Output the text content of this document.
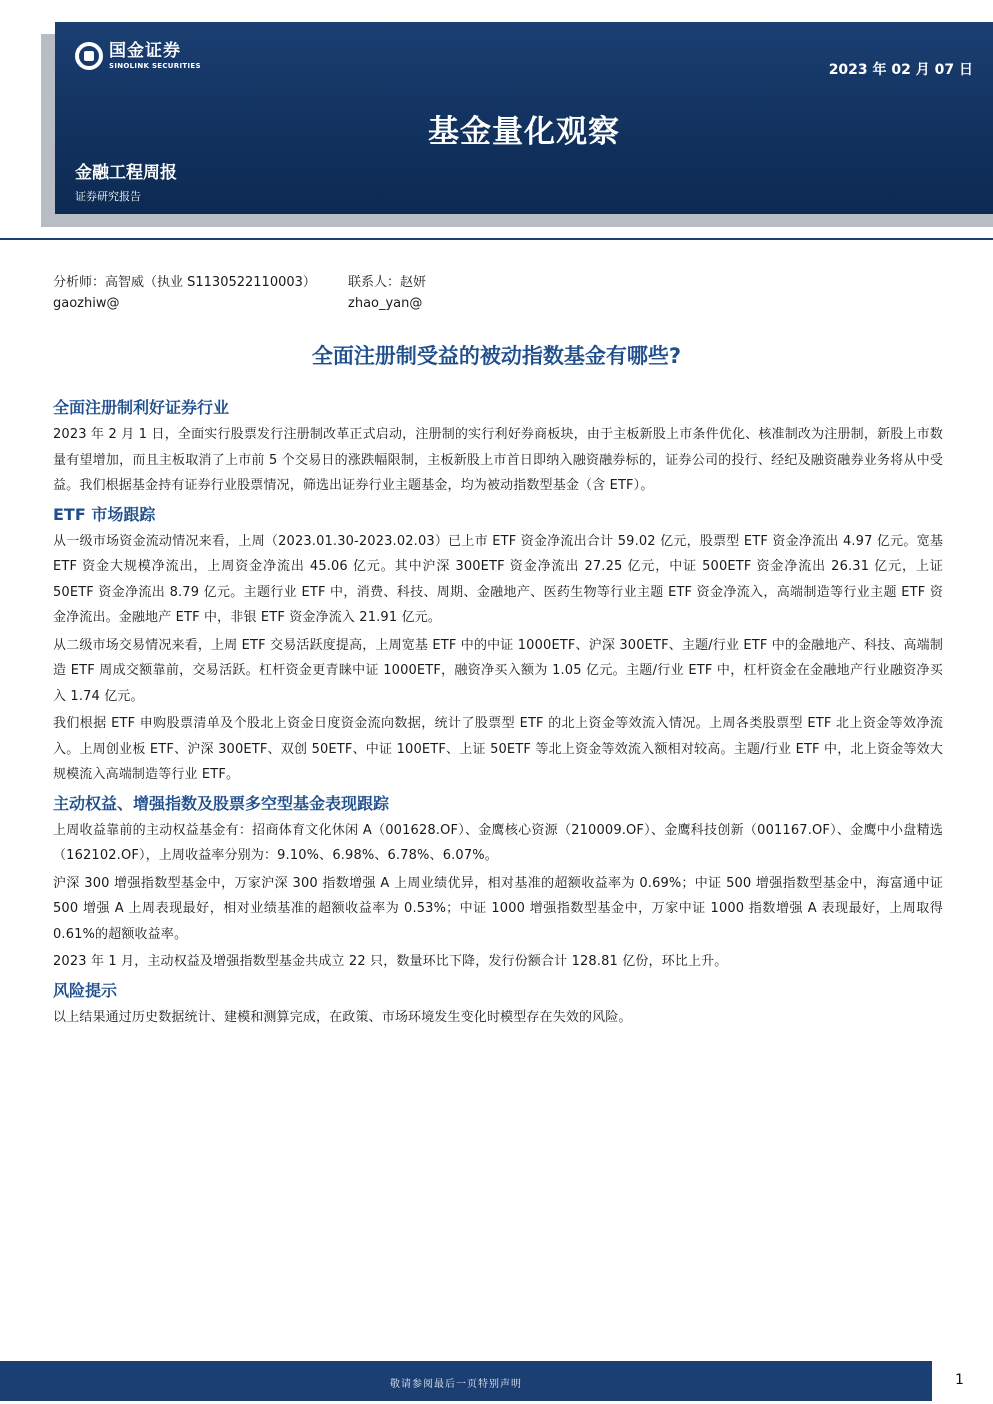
国金证券
SINOLINK SECURITIES	2023 年 02 月 07 日
基金量化观察
金融工程周报
证券研究报告
分析师：高智威（执业 S1130522110003）
gaozhiw@
联系人：赵妍
zhao_yan@
全面注册制受益的被动指数基金有哪些?
全面注册制利好证券行业

2023 年 2 月 1 日，全面实行股票发行注册制改革正式启动，注册制的实行利好券商板块，由于主板新股上市条件优化、核准制改为注册制，新股上市数量有望增加，而且主板取消了上市前 5 个交易日的涨跌幅限制，主板新股上市首日即纳入融资融券标的，证券公司的投行、经纪及融资融券业务将从中受益。我们根据基金持有证券行业股票情况，筛选出证券行业主题基金，均为被动指数型基金（含 ETF）。

ETF 市场跟踪

从一级市场资金流动情况来看，上周（2023.01.30-2023.02.03）已上市 ETF 资金净流出合计 59.02 亿元，股票型 ETF 资金净流出 4.97 亿元。宽基 ETF 资金大规模净流出，上周资金净流出 45.06 亿元。其中沪深 300ETF 资金净流出 27.25 亿元，中证 500ETF 资金净流出 26.31 亿元，上证 50ETF 资金净流出 8.79 亿元。主题行业 ETF 中，消费、科技、周期、金融地产、医药生物等行业主题 ETF 资金净流入，高端制造等行业主题 ETF 资金净流出。金融地产 ETF 中，非银 ETF 资金净流入 21.91 亿元。

从二级市场交易情况来看，上周 ETF 交易活跃度提高，上周宽基 ETF 中的中证 1000ETF、沪深 300ETF、主题/行业 ETF 中的金融地产、科技、高端制造 ETF 周成交额靠前，交易活跃。杠杆资金更青睐中证 1000ETF，融资净买入额为 1.05 亿元。主题/行业 ETF 中，杠杆资金在金融地产行业融资净买入 1.74 亿元。

我们根据 ETF 申购股票清单及个股北上资金日度资金流向数据，统计了股票型 ETF 的北上资金等效流入情况。上周各类股票型 ETF 北上资金等效净流入。上周创业板 ETF、沪深 300ETF、双创 50ETF、中证 100ETF、上证 50ETF 等北上资金等效流入额相对较高。主题/行业 ETF 中，北上资金等效大规模流入高端制造等行业 ETF。

主动权益、增强指数及股票多空型基金表现跟踪

上周收益靠前的主动权益基金有：招商体育文化休闲 A（001628.OF）、金鹰核心资源（210009.OF）、金鹰科技创新（001167.OF）、金鹰中小盘精选（162102.OF），上周收益率分别为：9.10%、6.98%、6.78%、6.07%。

沪深 300 增强指数型基金中，万家沪深 300 指数增强 A 上周业绩优异，相对基准的超额收益率为 0.69%；中证 500 增强指数型基金中，海富通中证 500 增强 A 上周表现最好，相对业绩基准的超额收益率为 0.53%；中证 1000 增强指数型基金中，万家中证 1000 指数增强 A 表现最好，上周取得 0.61%的超额收益率。

2023 年 1 月，主动权益及增强指数型基金共成立 22 只，数量环比下降，发行份额合计 128.81 亿份，环比上升。

风险提示

以上结果通过历史数据统计、建模和测算完成，在政策、市场环境发生变化时模型存在失效的风险。

敬请参阅最后一页特别声明	1
